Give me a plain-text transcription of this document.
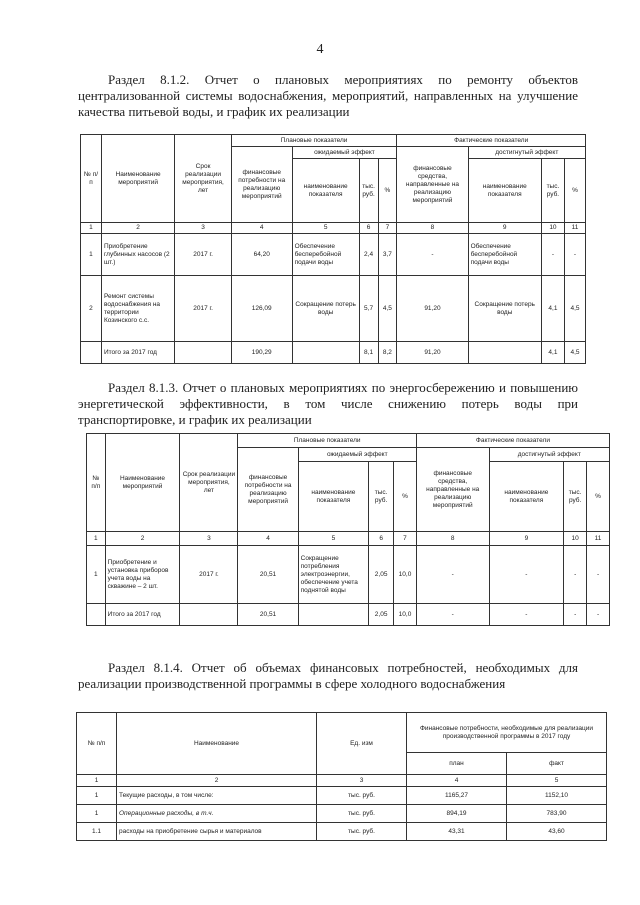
4

Раздел 8.1.2. Отчет о плановых мероприятиях по ремонту объектов централизованной системы водоснабжения, мероприятий, направленных на улучшение качества питьевой воды, и график их реализации

№ п/п	Наименование мероприятий	Срок реализации мероприятия, лет	Плановые показатели				Фактические показатели			
			финансовые потребности на реализацию мероприятий	ожидаемый эффект			финансовые средства, направленные на реализацию мероприятий	достигнутый эффект		
				наименование показателя	тыс. руб.	%		наименование показателя	тыс. руб.	%
1	2	3	4	5	6	7	8	9	10	11
1	Приобретение глубинных насосов (2 шт.)	2017 г.	64,20	Обеспечение бесперебойной подачи воды	2,4	3,7	-	Обеспечение бесперебойной подачи воды	-	-
2	Ремонт системы водоснабжения на территории Козинского с.с.	2017 г.	126,09	Сокращение потерь воды	5,7	4,5	91,20	Сокращение потерь воды	4,1	4,5
	Итого за 2017 год		190,29		8,1	8,2	91,20		4,1	4,5

Раздел 8.1.3. Отчет о плановых мероприятиях по энергосбережению и повышению энергетической эффективности, в том числе снижению потерь воды при транспортировке, и график их реализации

№ п/п	Наименование мероприятий	Срок реализации мероприятия, лет	Плановые показатели				Фактические показатели			
			финансовые потребности на реализацию мероприятий	ожидаемый эффект			финансовые средства, направленные на реализацию мероприятий	достигнутый эффект		
				наименование показателя	тыс. руб.	%		наименование показателя	тыс. руб.	%
1	2	3	4	5	6	7	8	9	10	11
1	Приобретение и установка приборов учета воды на скважине – 2 шт.	2017 г.	20,51	Сокращение потребления электроэнергии, обеспечение учета поднятой воды	2,05	10,0	-	-	-	-
	Итого за 2017 год		20,51		2,05	10,0	-	-	-	-

Раздел 8.1.4. Отчет об объемах финансовых потребностей, необходимых для реализации производственной программы в сфере холодного водоснабжения

№ п/п	Наименование	Ед. изм	Финансовые потребности, необходимые для реализации производственной программы в 2017 году	
			план	факт
1	2	3	4	5
1	Текущие расходы, в том числе:	тыс. руб.	1165,27	1152,10
1	Операционные расходы, в т.ч.	тыс. руб.	894,19	783,90
1.1	расходы на приобретение сырья и материалов	тыс. руб.	43,31	43,60
